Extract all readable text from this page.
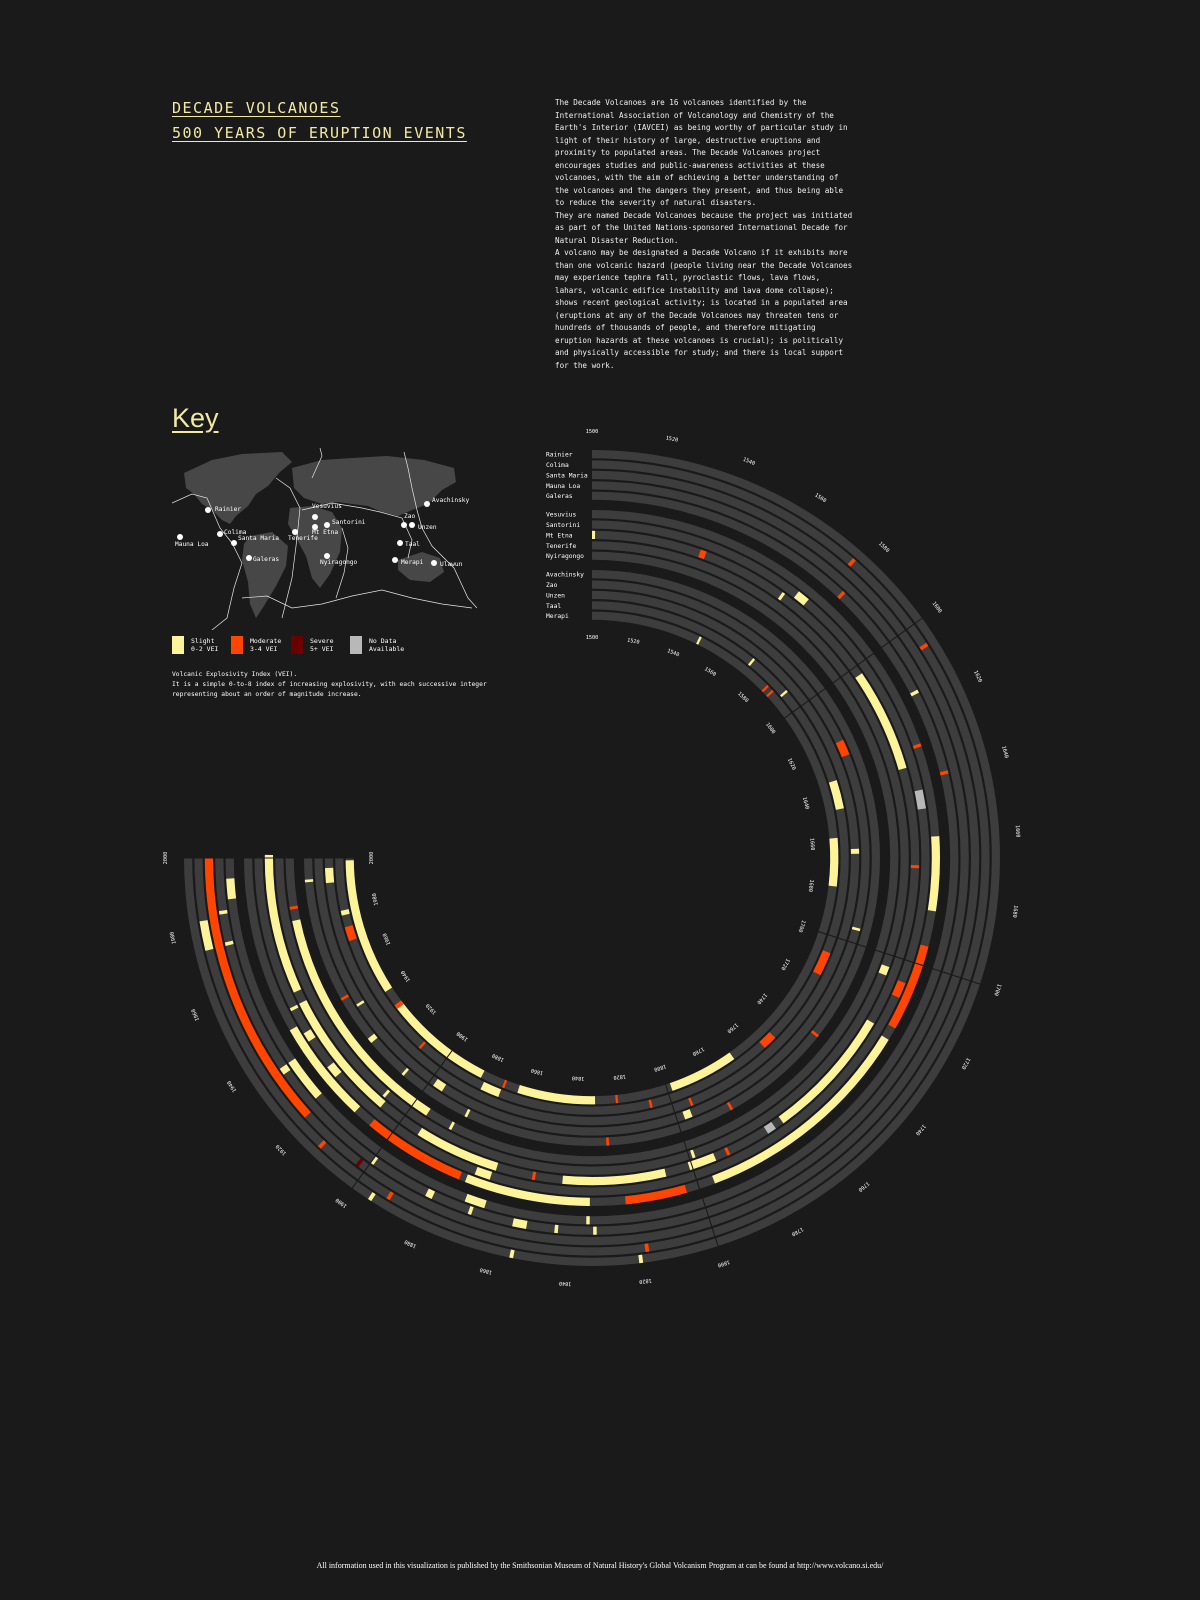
DECADE VOLCANOES
500 YEARS OF ERUPTION EVENTS

The Decade Volcanoes are 16 volcanoes identified by the International Association of Volcanology and Chemistry of the Earth's Interior (IAVCEI) as being worthy of particular study in light of their history of large, destructive eruptions and proximity to populated areas. The Decade Volcanoes project encourages studies and public-awareness activities at these volcanoes, with the aim of achieving a better understanding of the volcanoes and the dangers they present, and thus being able to reduce the severity of natural disasters.

They are named Decade Volcanoes because the project was initiated as part of the United Nations-sponsored International Decade for Natural Disaster Reduction.

A volcano may be designated a Decade Volcano if it exhibits more than one volcanic hazard (people living near the Decade Volcanoes may experience tephra fall, pyroclastic flows, lava flows, lahars, volcanic edifice instability and lava dome collapse); shows recent geological activity; is located in a populated area (eruptions at any of the Decade Volcanoes may threaten tens or hundreds of thousands of people, and therefore mitigating eruption hazards at these volcanoes is crucial); is politically and physically accessible for study; and there is local support for the work.

Key
Rainier
Mauna Loa
Colima
Santa Maria
Galeras
Vesuvius
Santorini
Mt Etna
Tenerife
Nyiragongo
Avachinsky
Zao
Unzen
Taal
Merapi	Ulawun
Slight
0-2 VEI
Moderate
3-4 VEI
Severe
5+ VEI
No Data
Available
Volcanic Explosivity Index (VEI).
It is a simple 0-to-8 index of increasing explosivity, with each successive integer
representing about an order of magnitude increase.
Rainier
Colima
Santa Maria
Mauna Loa
Galeras
Vesuvius
Santorini
Mt Etna
Tenerife
Nyiragongo
Avachinsky
Zao
Unzen
Taal
Merapi
1500
1500
1520
1520
1540
1540
1560
1560
1580
1580
1600
1600
1620
1620
1640
1640
1660
1660
1680
1680
1700
1700
1720
1720
1740
1740
1760
1760
1780
1780
1800
1800
1820
1820
1840
1840
1860
1860
1880
1880
1900
1900
1920
1920
1940
1940
1960
1960
1980
1980
2000	2000
All information used in this visualization is published by the Smithsonian Museum of Natural History's Global Volcanism Program at can be found at http://www.volcano.si.edu/
